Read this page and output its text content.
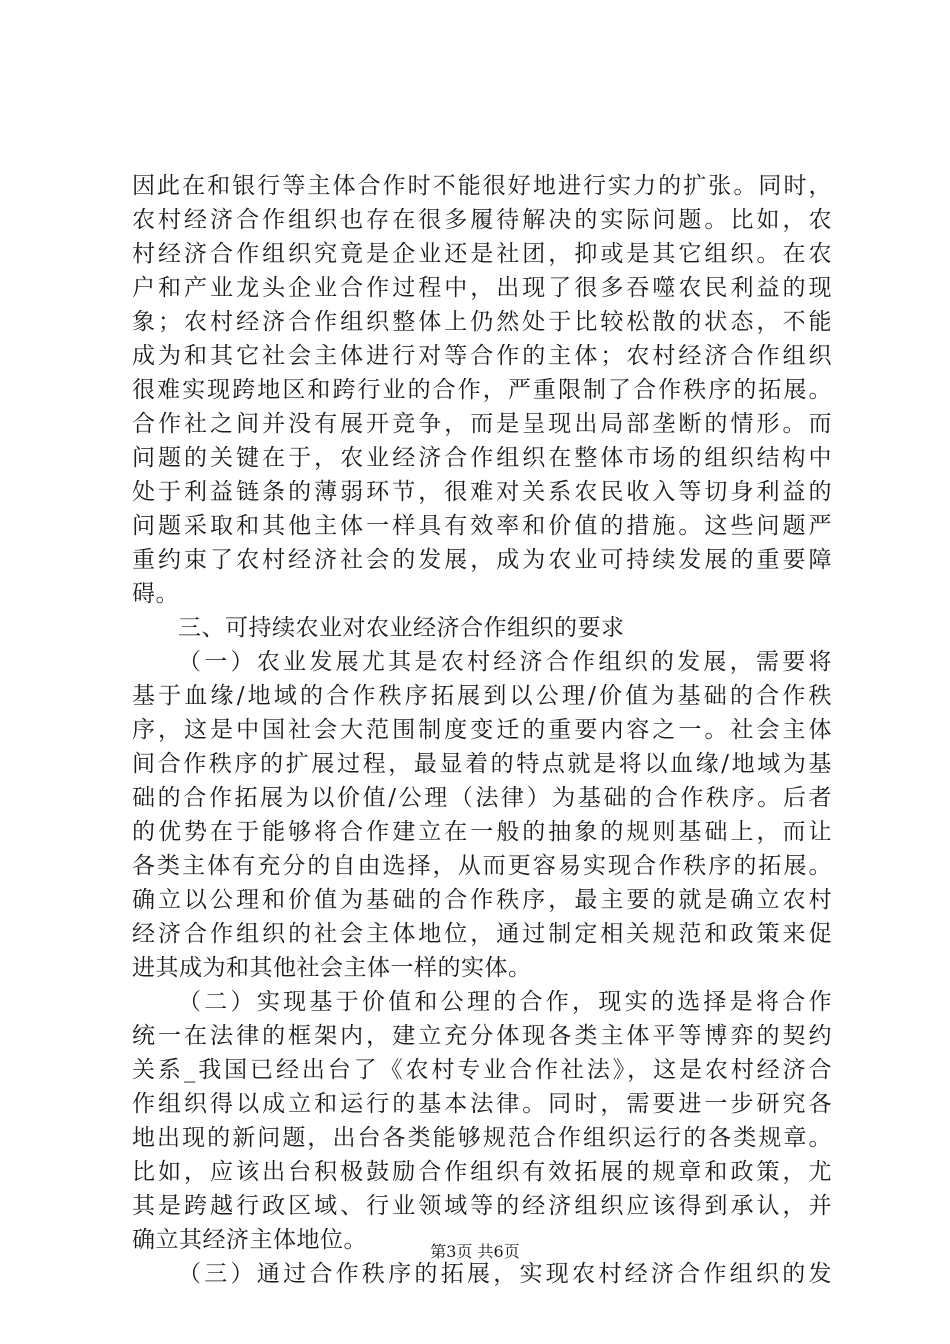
因此在和银行等主体合作时不能很好地进行实力的扩张。同时，
农村经济合作组织也存在很多履待解决的实际问题。比如，农
村经济合作组织究竟是企业还是社团，抑或是其它组织。在农
户和产业龙头企业合作过程中，出现了很多吞噬农民利益的现
象；农村经济合作组织整体上仍然处于比较松散的状态，不能
成为和其它社会主体进行对等合作的主体；农村经济合作组织
很难实现跨地区和跨行业的合作，严重限制了合作秩序的拓展。
合作社之间并没有展开竞争，而是呈现出局部垄断的情形。而
问题的关键在于，农业经济合作组织在整体市场的组织结构中
处于利益链条的薄弱环节，很难对关系农民收入等切身利益的
问题采取和其他主体一样具有效率和价值的措施。这些问题严
重约束了农村经济社会的发展，成为农业可持续发展的重要障
碍。
三、可持续农业对农业经济合作组织的要求
（一）农业发展尤其是农村经济合作组织的发展，需要将
基于血缘/地域的合作秩序拓展到以公理/价值为基础的合作秩
序，这是中国社会大范围制度变迁的重要内容之一。社会主体
间合作秩序的扩展过程，最显着的特点就是将以血缘/地域为基
础的合作拓展为以价值/公理（法律）为基础的合作秩序。后者
的优势在于能够将合作建立在一般的抽象的规则基础上，而让
各类主体有充分的自由选择，从而更容易实现合作秩序的拓展。
确立以公理和价值为基础的合作秩序，最主要的就是确立农村
经济合作组织的社会主体地位，通过制定相关规范和政策来促
进其成为和其他社会主体一样的实体。
（二）实现基于价值和公理的合作，现实的选择是将合作
统一在法律的框架内，建立充分体现各类主体平等博弈的契约
关系_我国已经出台了《农村专业合作社法》，这是农村经济合
作组织得以成立和运行的基本法律。同时，需要进一步研究各
地出现的新问题，出台各类能够规范合作组织运行的各类规章。
比如，应该出台积极鼓励合作组织有效拓展的规章和政策，尤
其是跨越行政区域、行业领域等的经济组织应该得到承认，并
确立其经济主体地位。
（三）通过合作秩序的拓展，实现农村经济合作组织的发
第3页 共6页
